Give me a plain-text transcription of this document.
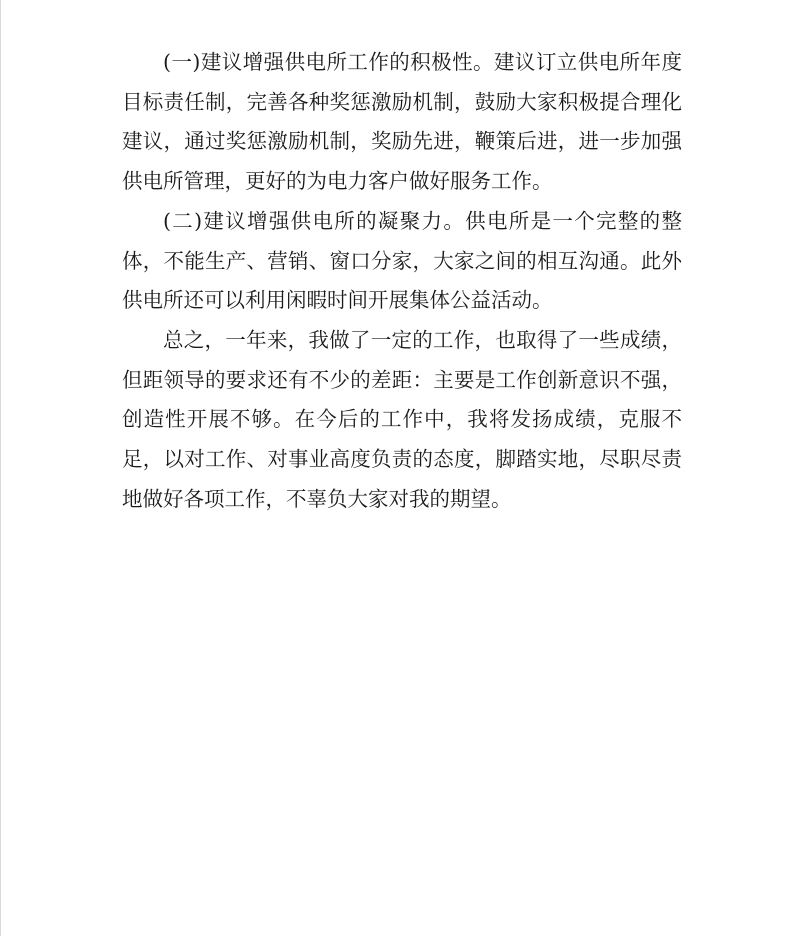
(一)建议增强供电所工作的积极性。建议订立供电所年度目标责任制，完善各种奖惩激励机制，鼓励大家积极提合理化建议，通过奖惩激励机制，奖励先进，鞭策后进，进一步加强供电所管理，更好的为电力客户做好服务工作。

(二)建议增强供电所的凝聚力。供电所是一个完整的整体，不能生产、营销、窗口分家，大家之间的相互沟通。此外供电所还可以利用闲暇时间开展集体公益活动。

总之，一年来，我做了一定的工作，也取得了一些成绩，但距领导的要求还有不少的差距：主要是工作创新意识不强，创造性开展不够。在今后的工作中，我将发扬成绩，克服不足，以对工作、对事业高度负责的态度，脚踏实地，尽职尽责地做好各项工作，不辜负大家对我的期望。
